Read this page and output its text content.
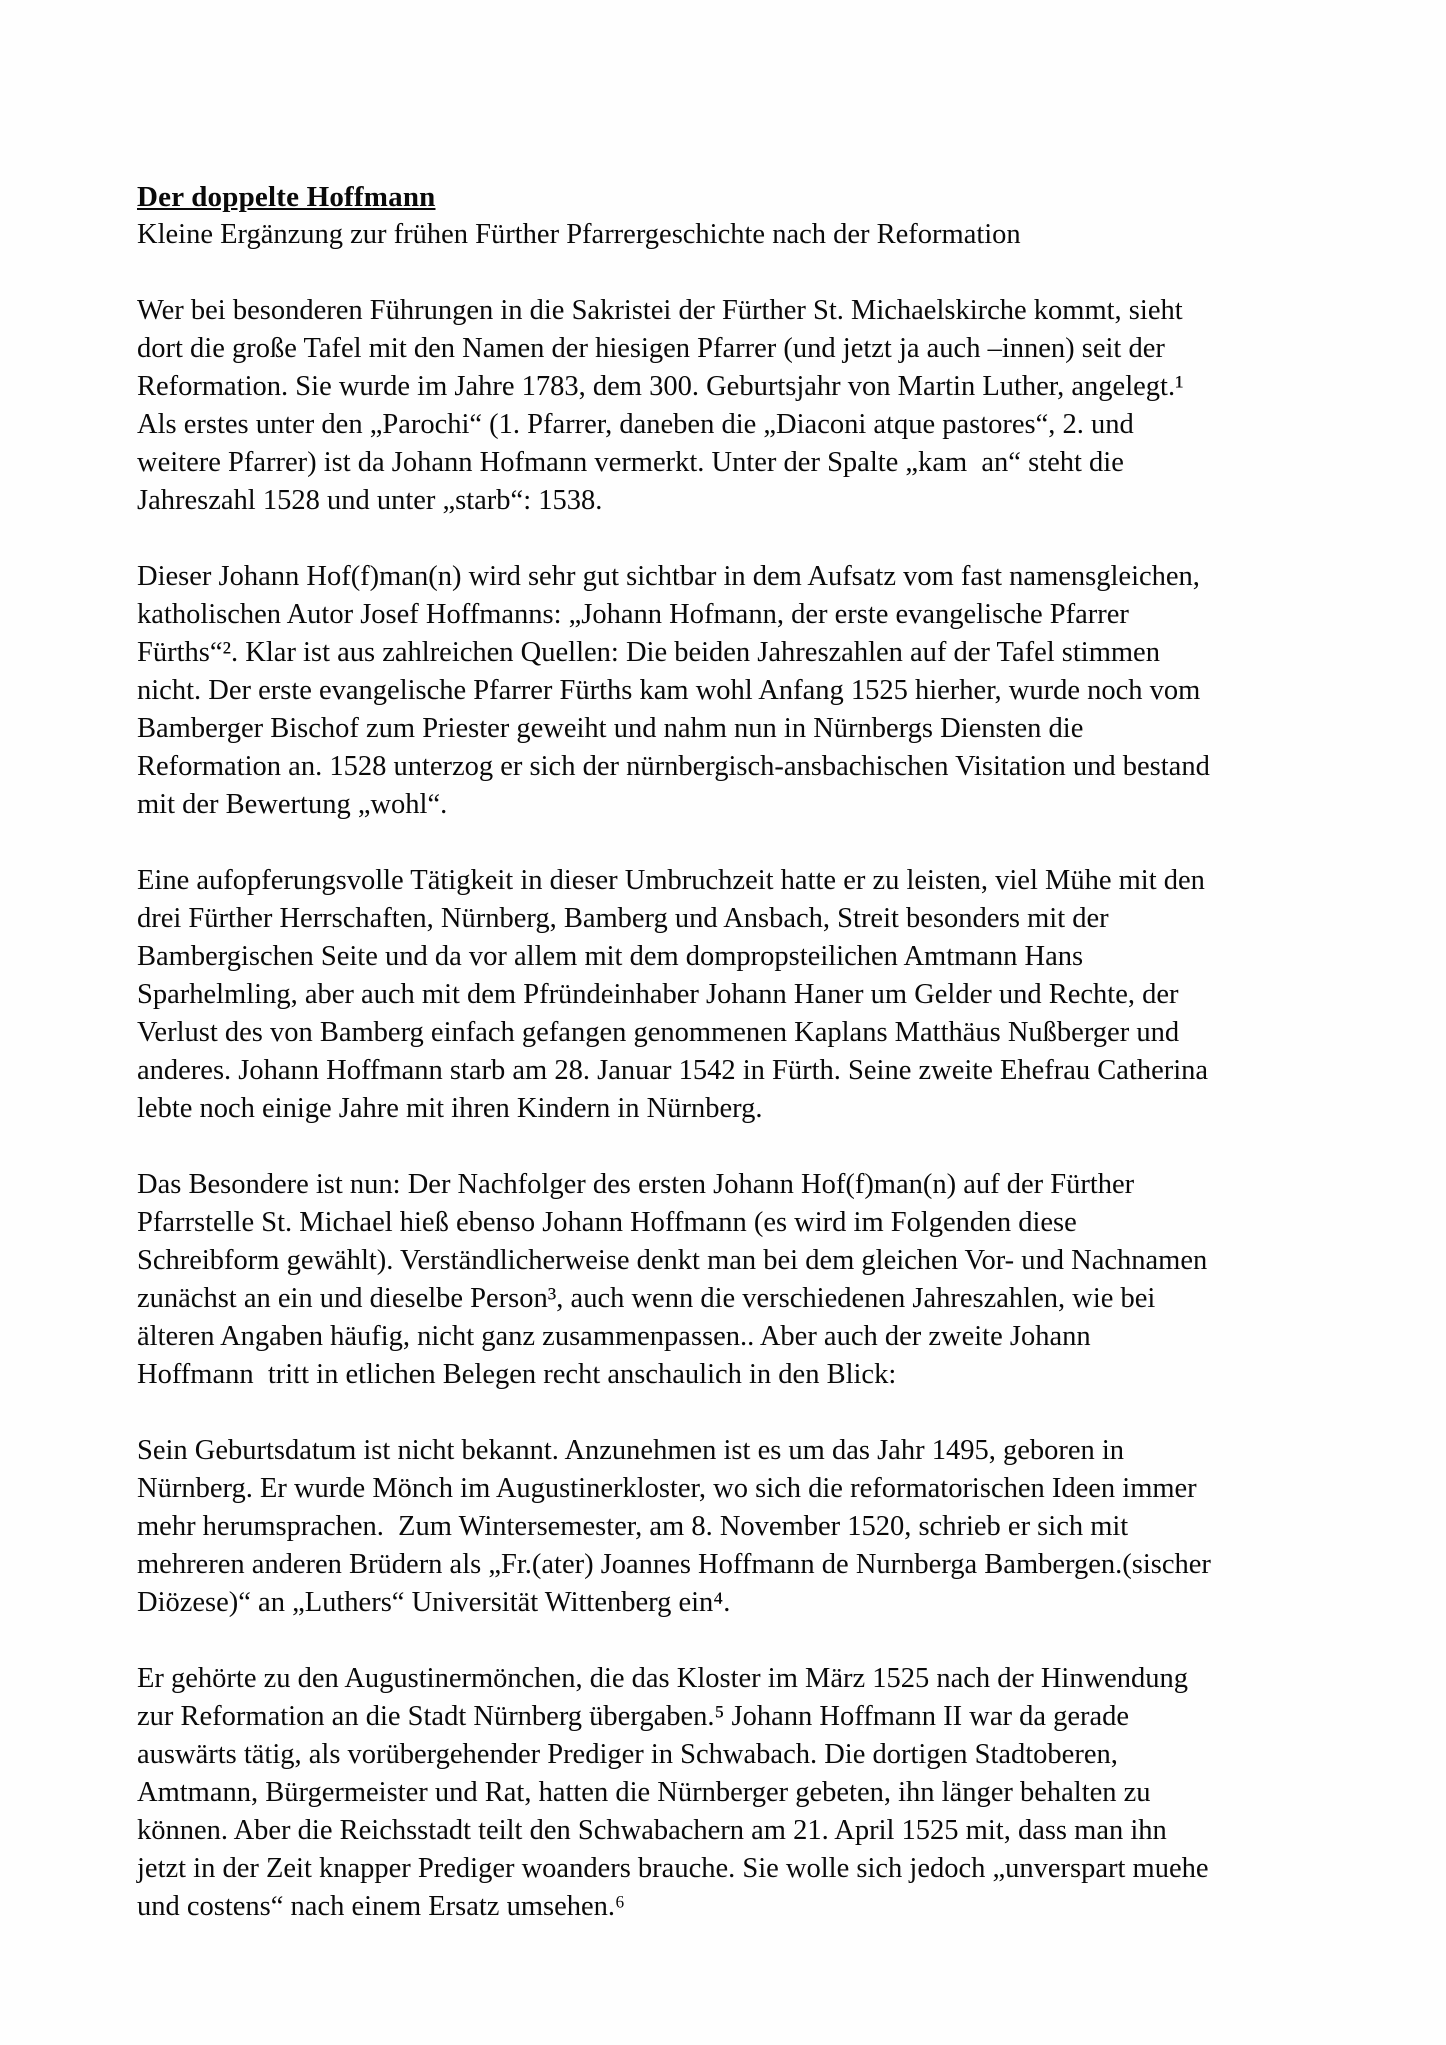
Der doppelte Hoffmann
Kleine Ergänzung zur frühen Fürther Pfarrergeschichte nach der Reformation
Wer bei besonderen Führungen in die Sakristei der Fürther St. Michaelskirche kommt, sieht
dort die große Tafel mit den Namen der hiesigen Pfarrer (und jetzt ja auch –innen) seit der
Reformation. Sie wurde im Jahre 1783, dem 300. Geburtsjahr von Martin Luther, angelegt.¹
Als erstes unter den „Parochi“ (1. Pfarrer, daneben die „Diaconi atque pastores“, 2. und
weitere Pfarrer) ist da Johann Hofmann vermerkt. Unter der Spalte „kam  an“ steht die
Jahreszahl 1528 und unter „starb“: 1538.
Dieser Johann Hof(f)man(n) wird sehr gut sichtbar in dem Aufsatz vom fast namensgleichen,
katholischen Autor Josef Hoffmanns: „Johann Hofmann, der erste evangelische Pfarrer
Fürths“². Klar ist aus zahlreichen Quellen: Die beiden Jahreszahlen auf der Tafel stimmen
nicht. Der erste evangelische Pfarrer Fürths kam wohl Anfang 1525 hierher, wurde noch vom
Bamberger Bischof zum Priester geweiht und nahm nun in Nürnbergs Diensten die
Reformation an. 1528 unterzog er sich der nürnbergisch-ansbachischen Visitation und bestand
mit der Bewertung „wohl“.
Eine aufopferungsvolle Tätigkeit in dieser Umbruchzeit hatte er zu leisten, viel Mühe mit den
drei Fürther Herrschaften, Nürnberg, Bamberg und Ansbach, Streit besonders mit der
Bambergischen Seite und da vor allem mit dem dompropsteilichen Amtmann Hans
Sparhelmling, aber auch mit dem Pfründeinhaber Johann Haner um Gelder und Rechte, der
Verlust des von Bamberg einfach gefangen genommenen Kaplans Matthäus Nußberger und
anderes. Johann Hoffmann starb am 28. Januar 1542 in Fürth. Seine zweite Ehefrau Catherina
lebte noch einige Jahre mit ihren Kindern in Nürnberg.
Das Besondere ist nun: Der Nachfolger des ersten Johann Hof(f)man(n) auf der Fürther
Pfarrstelle St. Michael hieß ebenso Johann Hoffmann (es wird im Folgenden diese
Schreibform gewählt). Verständlicherweise denkt man bei dem gleichen Vor- und Nachnamen
zunächst an ein und dieselbe Person³, auch wenn die verschiedenen Jahreszahlen, wie bei
älteren Angaben häufig, nicht ganz zusammenpassen.. Aber auch der zweite Johann
Hoffmann  tritt in etlichen Belegen recht anschaulich in den Blick:
Sein Geburtsdatum ist nicht bekannt. Anzunehmen ist es um das Jahr 1495, geboren in
Nürnberg. Er wurde Mönch im Augustinerkloster, wo sich die reformatorischen Ideen immer
mehr herumsprachen.  Zum Wintersemester, am 8. November 1520, schrieb er sich mit
mehreren anderen Brüdern als „Fr.(ater) Joannes Hoffmann de Nurnberga Bambergen.(sischer
Diözese)“ an „Luthers“ Universität Wittenberg ein⁴.
Er gehörte zu den Augustinermönchen, die das Kloster im März 1525 nach der Hinwendung
zur Reformation an die Stadt Nürnberg übergaben.⁵ Johann Hoffmann II war da gerade
auswärts tätig, als vorübergehender Prediger in Schwabach. Die dortigen Stadtoberen,
Amtmann, Bürgermeister und Rat, hatten die Nürnberger gebeten, ihn länger behalten zu
können. Aber die Reichsstadt teilt den Schwabachern am 21. April 1525 mit, dass man ihn
jetzt in der Zeit knapper Prediger woanders brauche. Sie wolle sich jedoch „unverspart muehe
und costens“ nach einem Ersatz umsehen.⁶
